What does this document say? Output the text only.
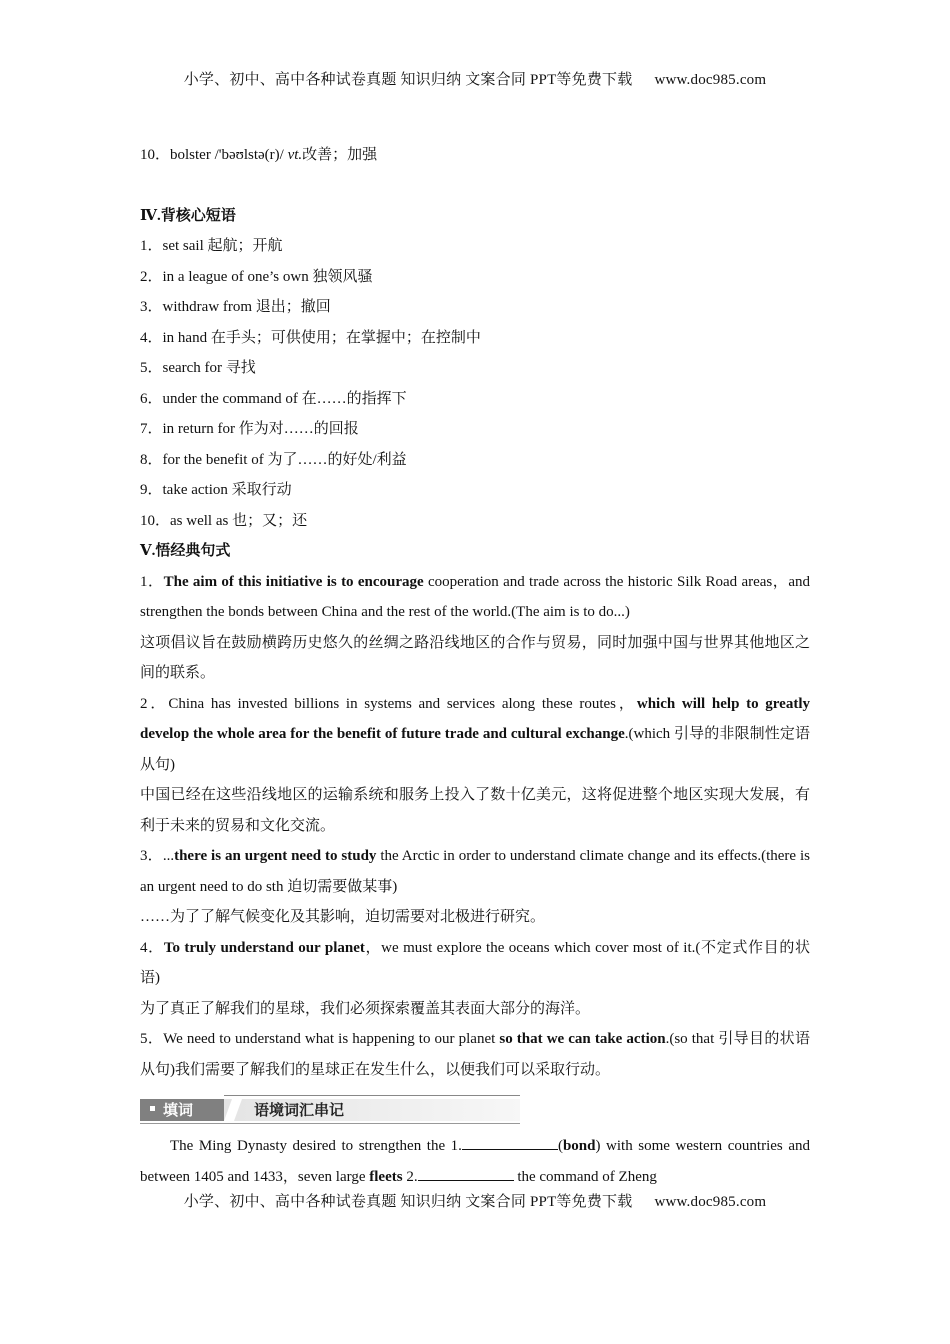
小学、初中、高中各种试卷真题 知识归纳 文案合同 PPT等免费下载 www.doc985.com
10．bolster /'bəʊlstə(r)/ vt.改善；加强
Ⅳ.背核心短语
1．set sail 起航；开航
2．in a league of one’s own 独领风骚
3．withdraw from 退出；撤回
4．in hand 在手头；可供使用；在掌握中；在控制中
5．search for 寻找
6．under the command of 在……的指挥下
7．in return for 作为对……的回报
8．for the benefit of 为了……的好处/利益
9．take action 采取行动
10．as well as 也；又；还
Ⅴ.悟经典句式
1．The aim of this initiative is to encourage cooperation and trade across the historic Silk Road areas，and strengthen the bonds between China and the rest of the world.(The aim is to do...)
这项倡议旨在鼓励横跨历史悠久的丝绸之路沿线地区的合作与贸易，同时加强中国与世界其他地区之间的联系。
2．China has invested billions in systems and services along these routes，which will help to greatly develop the whole area for the benefit of future trade and cultural exchange.(which 引导的非限制性定语从句)
中国已经在这些沿线地区的运输系统和服务上投入了数十亿美元，这将促进整个地区实现大发展，有利于未来的贸易和文化交流。
3．...there is an urgent need to study the Arctic in order to understand climate change and its effects.(there is an urgent need to do sth 迫切需要做某事)
……为了了解气候变化及其影响，迫切需要对北极进行研究。
4．To truly understand our planet，we must explore the oceans which cover most of it.(不定式作目的状语)
为了真正了解我们的星球，我们必须探索覆盖其表面大部分的海洋。
5．We need to understand what is happening to our planet so that we can take action.(so that 引导目的状语从句)我们需要了解我们的星球正在发生什么，以便我们可以采取行动。
填词	语境词汇串记
The Ming Dynasty desired to strengthen the 1.	(bond) with some western countries and between 1405 and 1433，seven large fleets 2.	the command of Zheng
小学、初中、高中各种试卷真题 知识归纳 文案合同 PPT等免费下载 www.doc985.com
